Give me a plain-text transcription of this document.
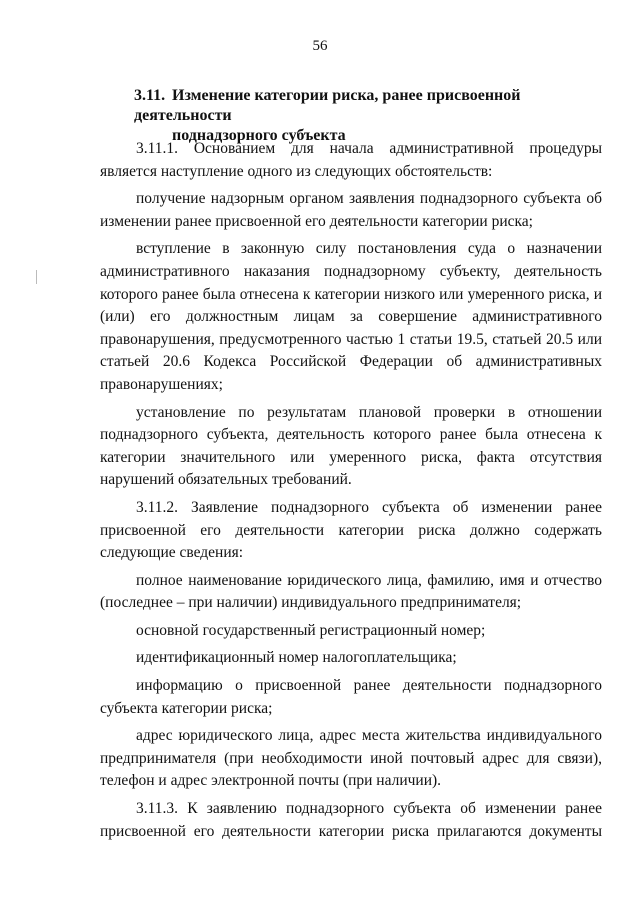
56
3.11. Изменение категории риска, ранее присвоенной деятельности
поднадзорного субъекта

3.11.1. Основанием для начала административной процедуры является наступление одного из следующих обстоятельств:

получение надзорным органом заявления поднадзорного субъекта об изменении ранее присвоенной его деятельности категории риска;

вступление в законную силу постановления суда о назначении административного наказания поднадзорному субъекту, деятельность которого ранее была отнесена к категории низкого или умеренного риска, и (или) его должностным лицам за совершение административного правонарушения, предусмотренного частью 1 статьи 19.5, статьей 20.5 или статьей 20.6 Кодекса Российской Федерации об административных правонарушениях;

установление по результатам плановой проверки в отношении поднадзорного субъекта, деятельность которого ранее была отнесена к категории значительного или умеренного риска, факта отсутствия нарушений обязательных требований.

3.11.2. Заявление поднадзорного субъекта об изменении ранее присвоенной его деятельности категории риска должно содержать следующие сведения:

полное наименование юридического лица, фамилию, имя и отчество (последнее – при наличии) индивидуального предпринимателя;

основной государственный регистрационный номер;

идентификационный номер налогоплательщика;

информацию о присвоенной ранее деятельности поднадзорного субъекта категории риска;

адрес юридического лица, адрес места жительства индивидуального предпринимателя (при необходимости иной почтовый адрес для связи), телефон и адрес электронной почты (при наличии).

3.11.3. К заявлению поднадзорного субъекта об изменении ранее присвоенной его деятельности категории риска прилагаются документы
